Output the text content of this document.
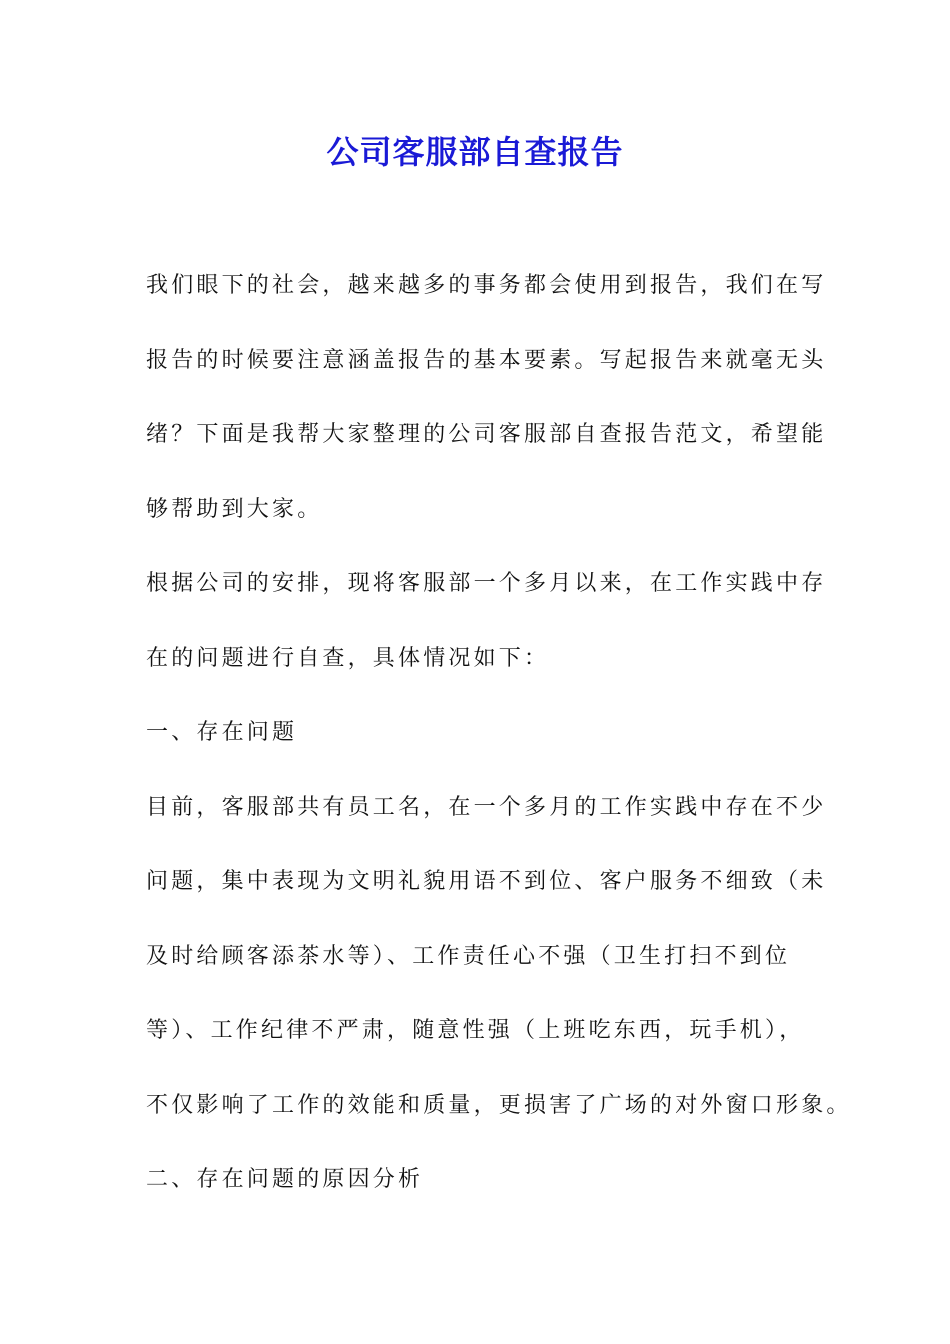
公司客服部自查报告
我们眼下的社会，越来越多的事务都会使用到报告，我们在写
报告的时候要注意涵盖报告的基本要素。写起报告来就毫无头
绪？下面是我帮大家整理的公司客服部自查报告范文，希望能
够帮助到大家。
根据公司的安排，现将客服部一个多月以来，在工作实践中存
在的问题进行自查，具体情况如下：
一、存在问题
目前，客服部共有员工名，在一个多月的工作实践中存在不少
问题，集中表现为文明礼貌用语不到位、客户服务不细致（未
及时给顾客添茶水等）、工作责任心不强（卫生打扫不到位
等）、工作纪律不严肃，随意性强（上班吃东西，玩手机），
不仅影响了工作的效能和质量，更损害了广场的对外窗口形象。
二、存在问题的原因分析
